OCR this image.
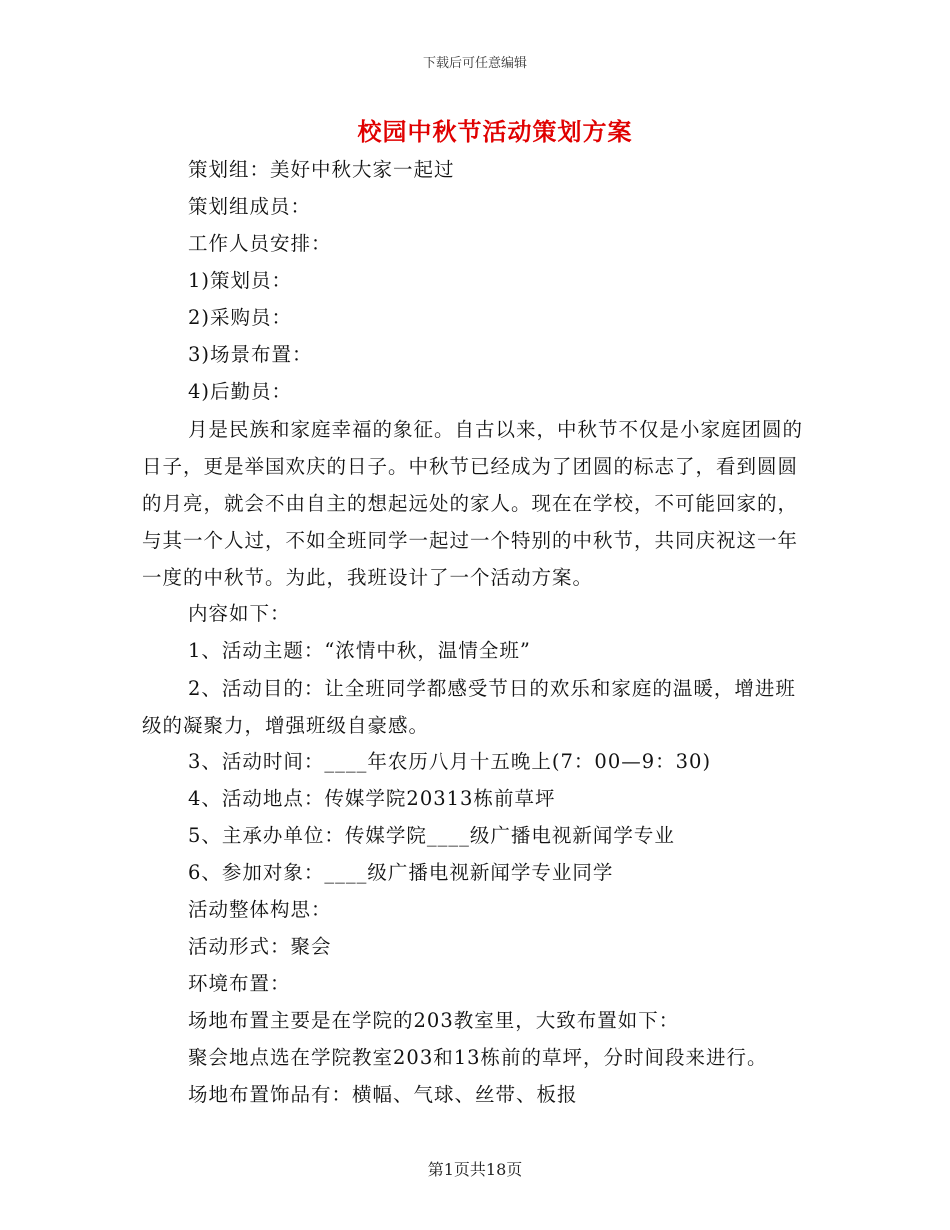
下载后可任意编辑
校园中秋节活动策划方案
策划组：美好中秋大家一起过
策划组成员：
工作人员安排：
1)策划员：
2)采购员：
3)场景布置：
4)后勤员：
月是民族和家庭幸福的象征。自古以来，中秋节不仅是小家庭团圆的日子，更是举国欢庆的日子。中秋节已经成为了团圆的标志了，看到圆圆的月亮，就会不由自主的想起远处的家人。现在在学校，不可能回家的，与其一个人过，不如全班同学一起过一个特别的中秋节，共同庆祝这一年一度的中秋节。为此，我班设计了一个活动方案。
内容如下：
1、活动主题：“浓情中秋，温情全班”
2、活动目的：让全班同学都感受节日的欢乐和家庭的温暖，增进班级的凝聚力，增强班级自豪感。
3、活动时间：____年农历八月十五晚上(7：00—9：30)
4、活动地点：传媒学院20313栋前草坪
5、主承办单位：传媒学院____级广播电视新闻学专业
6、参加对象：____级广播电视新闻学专业同学
活动整体构思：
活动形式：聚会
环境布置：
场地布置主要是在学院的203教室里，大致布置如下：
聚会地点选在学院教室203和13栋前的草坪，分时间段来进行。
场地布置饰品有：横幅、气球、丝带、板报
第1页共18页
